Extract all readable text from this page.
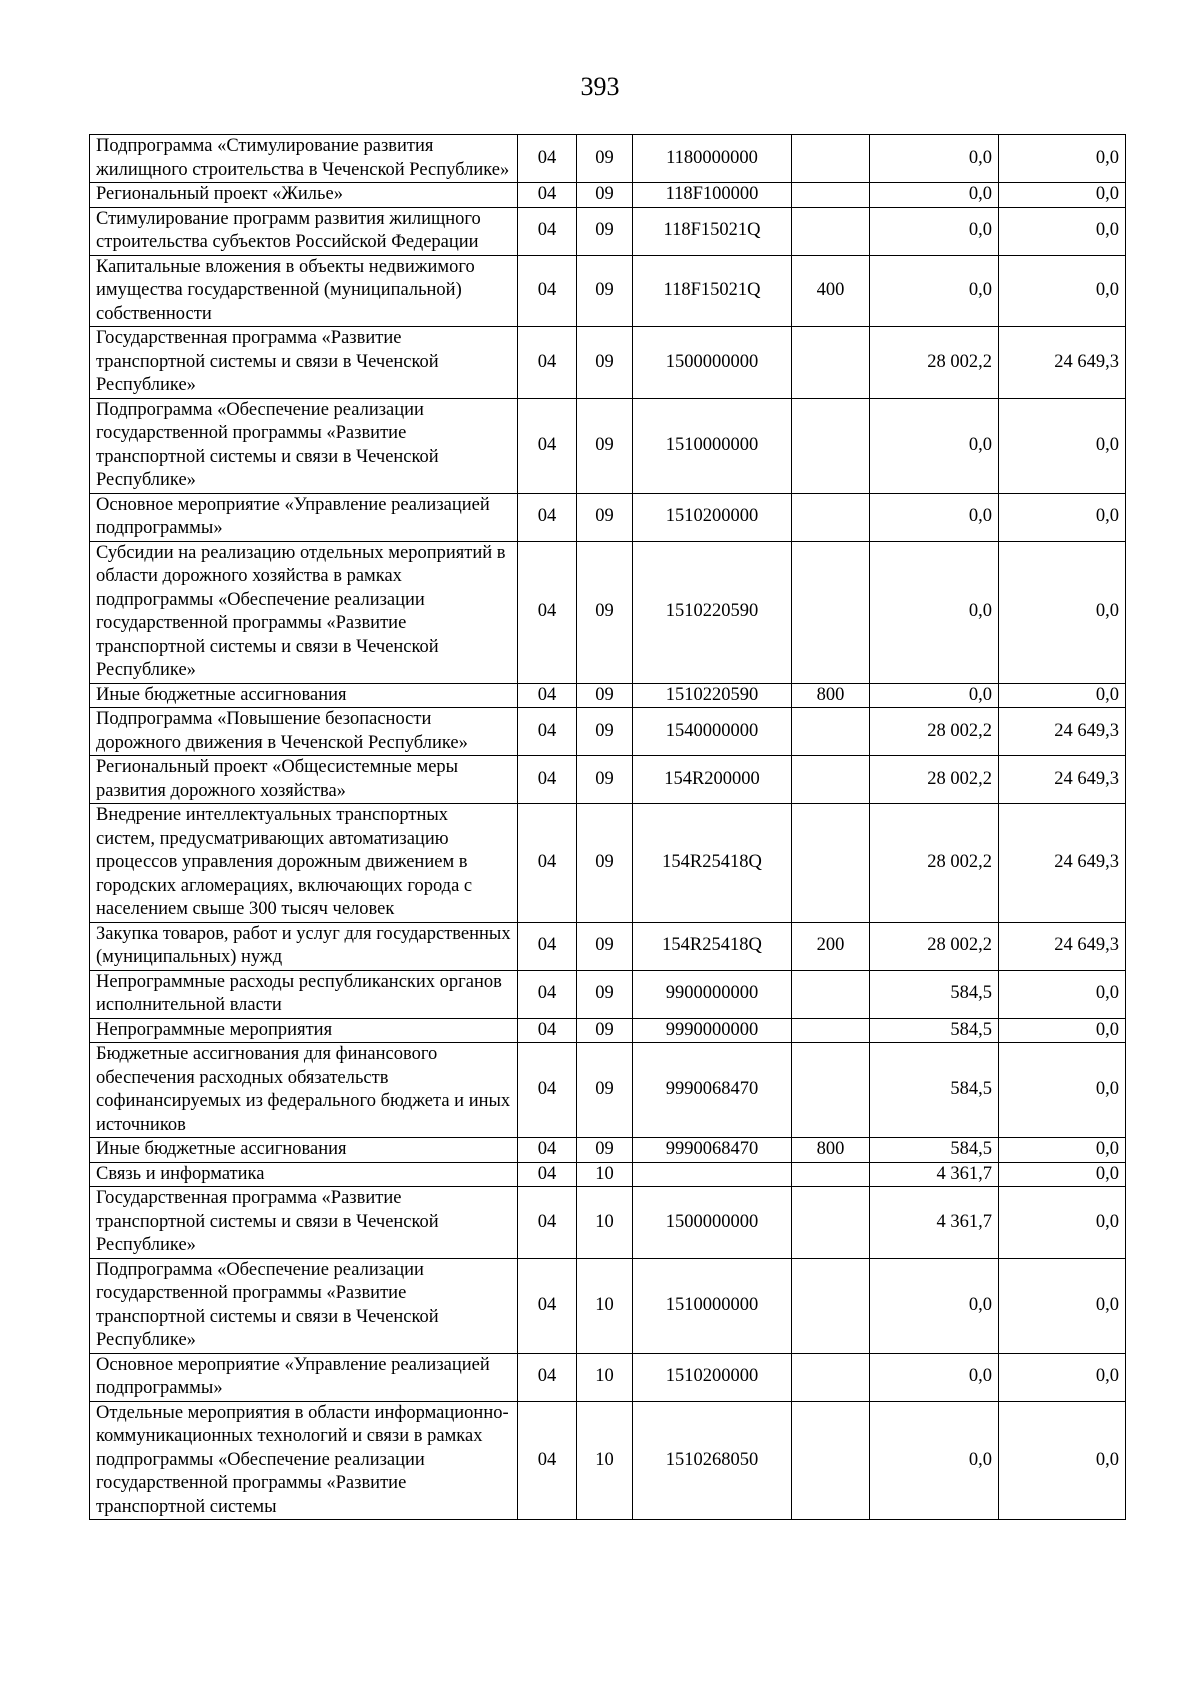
393
Подпрограмма «Стимулирование развития жилищного строительства в Чеченской Республике»	04	09	1180000000		0,0	0,0
Региональный проект «Жилье»	04	09	118F100000		0,0	0,0
Стимулирование программ развития жилищного строительства субъектов Российской Федерации	04	09	118F15021Q		0,0	0,0
Капитальные вложения в объекты недвижимого имущества государственной (муниципальной) собственности	04	09	118F15021Q	400	0,0	0,0
Государственная программа «Развитие транспортной системы и связи в Чеченской Республике»	04	09	1500000000		28 002,2	24 649,3
Подпрограмма «Обеспечение реализации государственной программы «Развитие транспортной системы и связи в Чеченской Республике»	04	09	1510000000		0,0	0,0
Основное мероприятие «Управление реализацией подпрограммы»	04	09	1510200000		0,0	0,0
Субсидии на реализацию отдельных мероприятий в области дорожного хозяйства в рамках подпрограммы «Обеспечение реализации государственной программы «Развитие транспортной системы и связи в Чеченской Республике»	04	09	1510220590		0,0	0,0
Иные бюджетные ассигнования	04	09	1510220590	800	0,0	0,0
Подпрограмма «Повышение безопасности дорожного движения в Чеченской Республике»	04	09	1540000000		28 002,2	24 649,3
Региональный проект «Общесистемные меры развития дорожного хозяйства»	04	09	154R200000		28 002,2	24 649,3
Внедрение интеллектуальных транспортных систем, предусматривающих автоматизацию процессов управления дорожным движением в городских агломерациях, включающих города с населением свыше 300 тысяч человек	04	09	154R25418Q		28 002,2	24 649,3
Закупка товаров, работ и услуг для государственных (муниципальных) нужд	04	09	154R25418Q	200	28 002,2	24 649,3
Непрограммные расходы республиканских органов исполнительной власти	04	09	9900000000		584,5	0,0
Непрограммные мероприятия	04	09	9990000000		584,5	0,0
Бюджетные ассигнования для финансового обеспечения расходных обязательств софинансируемых из федерального бюджета и иных источников	04	09	9990068470		584,5	0,0
Иные бюджетные ассигнования	04	09	9990068470	800	584,5	0,0
Связь и информатика	04	10			4 361,7	0,0
Государственная программа «Развитие транспортной системы и связи в Чеченской Республике»	04	10	1500000000		4 361,7	0,0
Подпрограмма «Обеспечение реализации государственной программы «Развитие транспортной системы и связи в Чеченской Республике»	04	10	1510000000		0,0	0,0
Основное мероприятие «Управление реализацией подпрограммы»	04	10	1510200000		0,0	0,0
Отдельные мероприятия в области информационно-коммуникационных технологий и связи в рамках подпрограммы «Обеспечение реализации государственной программы «Развитие транспортной системы	04	10	1510268050		0,0	0,0
